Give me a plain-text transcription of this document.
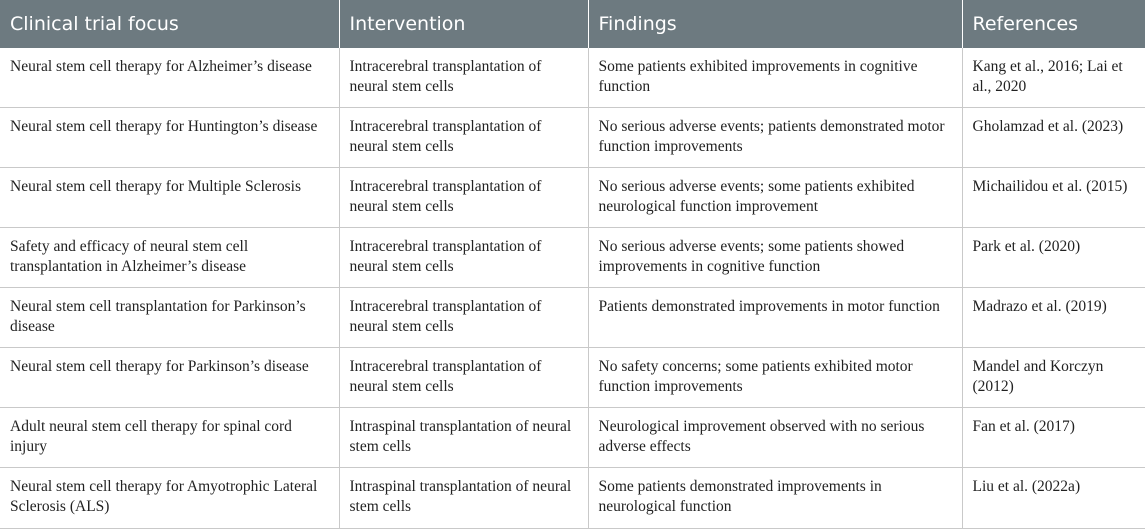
Clinical trial focus	Intervention	Findings	References
Neural stem cell therapy for Alzheimer’s disease	Intracerebral transplantation of neural stem cells	Some patients exhibited improvements in cognitive function	Kang et al., 2016; Lai et al., 2020
Neural stem cell therapy for Huntington’s disease	Intracerebral transplantation of neural stem cells	No serious adverse events; patients demonstrated motor function improvements	Gholamzad et al. (2023)
Neural stem cell therapy for Multiple Sclerosis	Intracerebral transplantation of neural stem cells	No serious adverse events; some patients exhibited neurological function improvement	Michailidou et al. (2015)
Safety and efficacy of neural stem cell transplantation in Alzheimer’s disease	Intracerebral transplantation of neural stem cells	No serious adverse events; some patients showed improvements in cognitive function	Park et al. (2020)
Neural stem cell transplantation for Parkinson’s disease	Intracerebral transplantation of neural stem cells	Patients demonstrated improvements in motor function	Madrazo et al. (2019)
Neural stem cell therapy for Parkinson’s disease	Intracerebral transplantation of neural stem cells	No safety concerns; some patients exhibited motor function improvements	Mandel and Korczyn (2012)
Adult neural stem cell therapy for spinal cord injury	Intraspinal transplantation of neural stem cells	Neurological improvement observed with no serious adverse effects	Fan et al. (2017)
Neural stem cell therapy for Amyotrophic Lateral Sclerosis (ALS)	Intraspinal transplantation of neural stem cells	Some patients demonstrated improvements in neurological function	Liu et al. (2022a)
